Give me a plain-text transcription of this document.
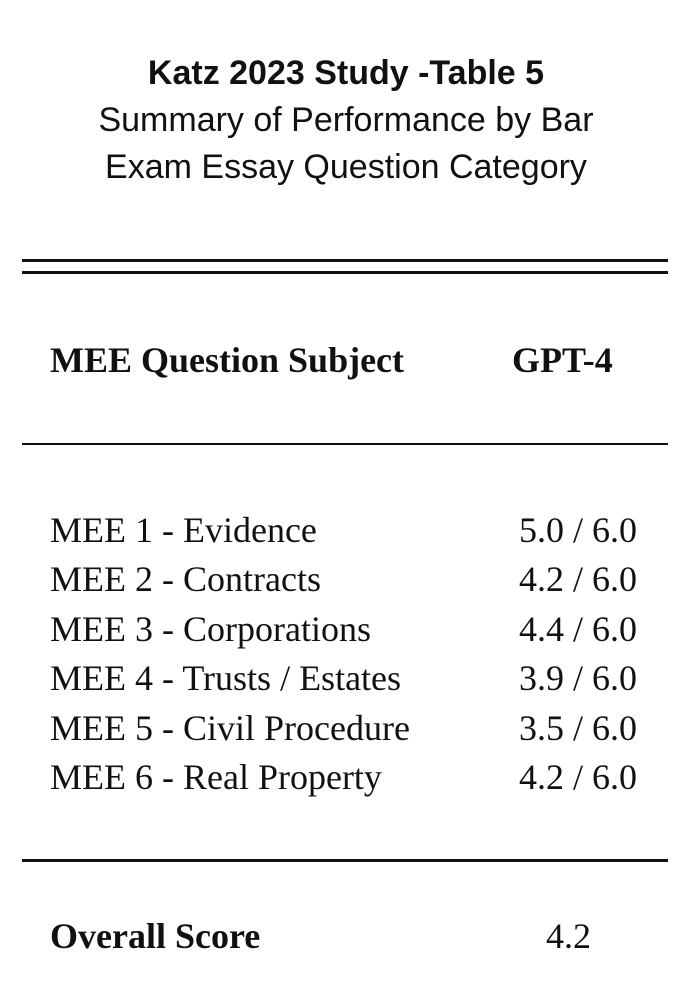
Katz 2023 Study -Table 5
Summary of Performance by Bar
Exam Essay Question Category
MEE Question Subject	GPT-4
MEE 1 - Evidence	5.0 / 6.0
MEE 2 - Contracts	4.2 / 6.0
MEE 3 - Corporations	4.4 / 6.0
MEE 4 - Trusts / Estates	3.9 / 6.0
MEE 5 - Civil Procedure	3.5 / 6.0
MEE 6 - Real Property	4.2 / 6.0
Overall Score	4.2
